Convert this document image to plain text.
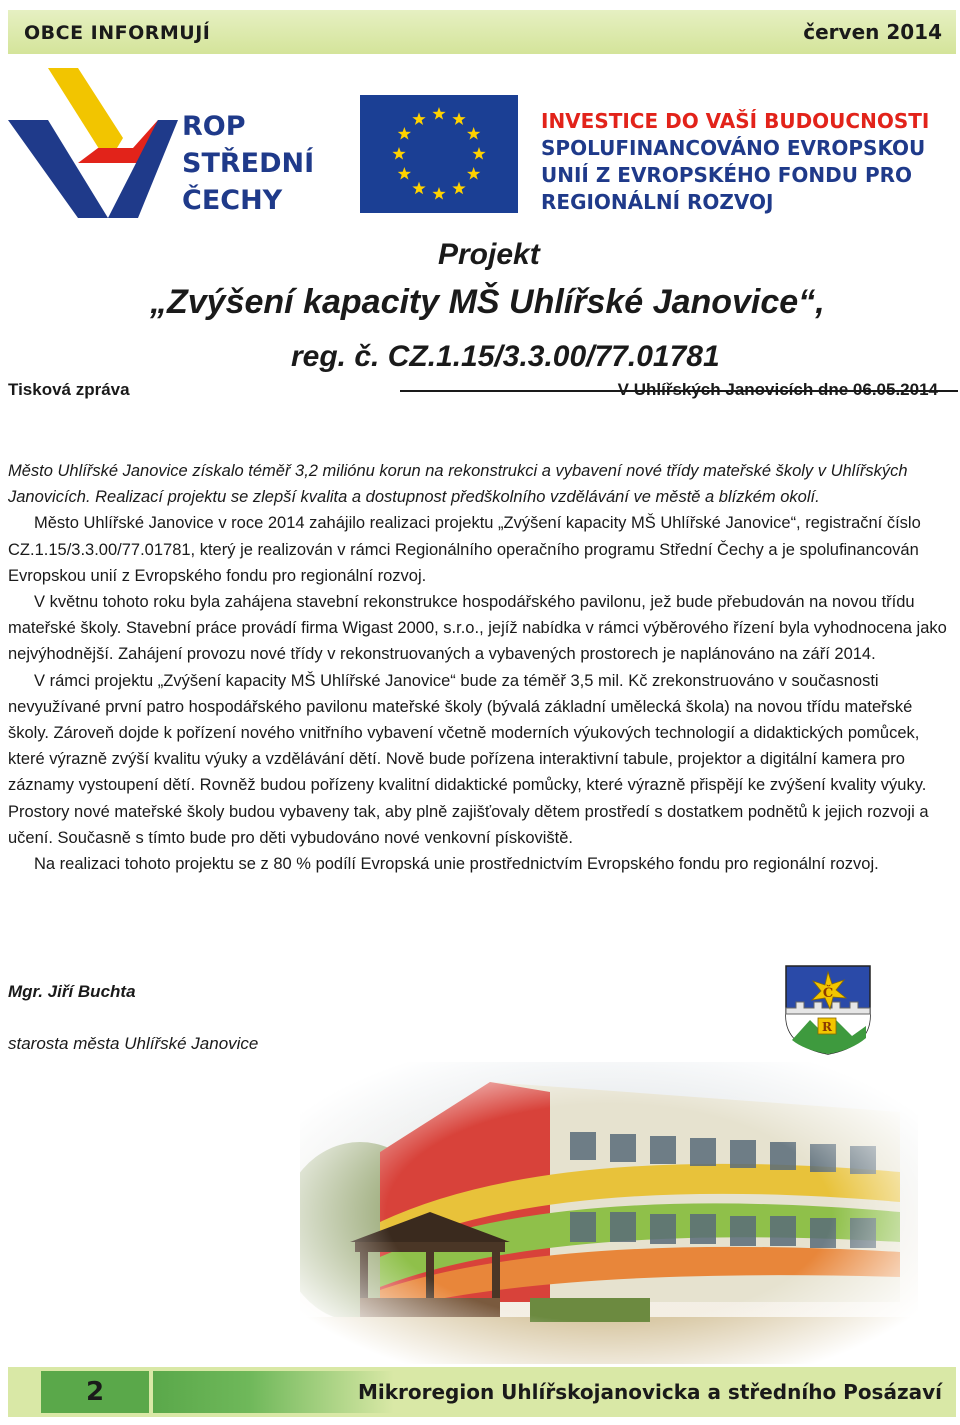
OBCE INFORMUJÍ	červen 2014
ROP
STŘEDNÍ
ČECHY
INVESTICE DO VAŠÍ BUDOUCNOSTI
SPOLUFINANCOVÁNO EVROPSKOU
UNIÍ Z EVROPSKÉHO FONDU PRO
REGIONÁLNÍ ROZVOJ
Projekt
„Zvýšení kapacity MŠ Uhlířské Janovice“,
reg. č. CZ.1.15/3.3.00/77.01781
Tisková zpráva	V Uhlířských Janovicích dne 06.05.2014

Město Uhlířské Janovice získalo téměř 3,2 miliónu korun na rekonstrukci a vybavení nové třídy mateřské školy v Uhlířských Janovicích. Realizací projektu se zlepší kvalita a dostupnost předškolního vzdělávání ve městě a blízkém okolí.

Město Uhlířské Janovice v roce 2014 zahájilo realizaci projektu „Zvýšení kapacity MŠ Uhlířské Janovice“, registrační číslo CZ.1.15/3.3.00/77.01781, který je realizován v rámci Regionálního operačního programu Střední Čechy a je spolufinancován Evropskou unií z Evropského fondu pro regionální rozvoj.

V květnu tohoto roku byla zahájena stavební rekonstrukce hospodářského pavilonu, jež bude přebudován na novou třídu mateřské školy. Stavební práce provádí firma Wigast 2000, s.r.o., jejíž nabídka v rámci výběrového řízení byla vyhodnocena jako nejvýhodnější. Zahájení provozu nové třídy v rekonstruovaných a vybavených prostorech je naplánováno na září 2014.

V rámci projektu „Zvýšení kapacity MŠ Uhlířské Janovice“ bude za téměř 3,5 mil. Kč zrekonstruováno v současnosti nevyužívané první patro hospodářského pavilonu mateřské školy (bývalá základní umělecká škola) na novou třídu mateřské školy. Zároveň dojde k pořízení nového vnitřního vybavení včetně moderních výukových technologií a didaktických pomůcek, které výrazně zvýší kvalitu výuky a vzdělávání dětí. Nově bude pořízena interaktivní tabule, projektor a digitální kamera pro záznamy vystoupení dětí. Rovněž budou pořízeny kvalitní didaktické pomůcky, které výrazně přispějí ke zvýšení kvality výuky. Prostory nové mateřské školy budou vybaveny tak, aby plně zajišťovaly dětem prostředí s dostatkem podnětů k jejich rozvoji a učení. Současně s tímto bude pro děti vybudováno nové venkovní pískoviště.

Na realizaci tohoto projektu se z 80 % podílí Evropská unie prostřednictvím Evropského fondu pro regionální rozvoj.

Mgr. Jiří Buchta
starosta města Uhlířské Janovice
Č
R
2	Mikroregion Uhlířskojanovicka a středního Posázaví
